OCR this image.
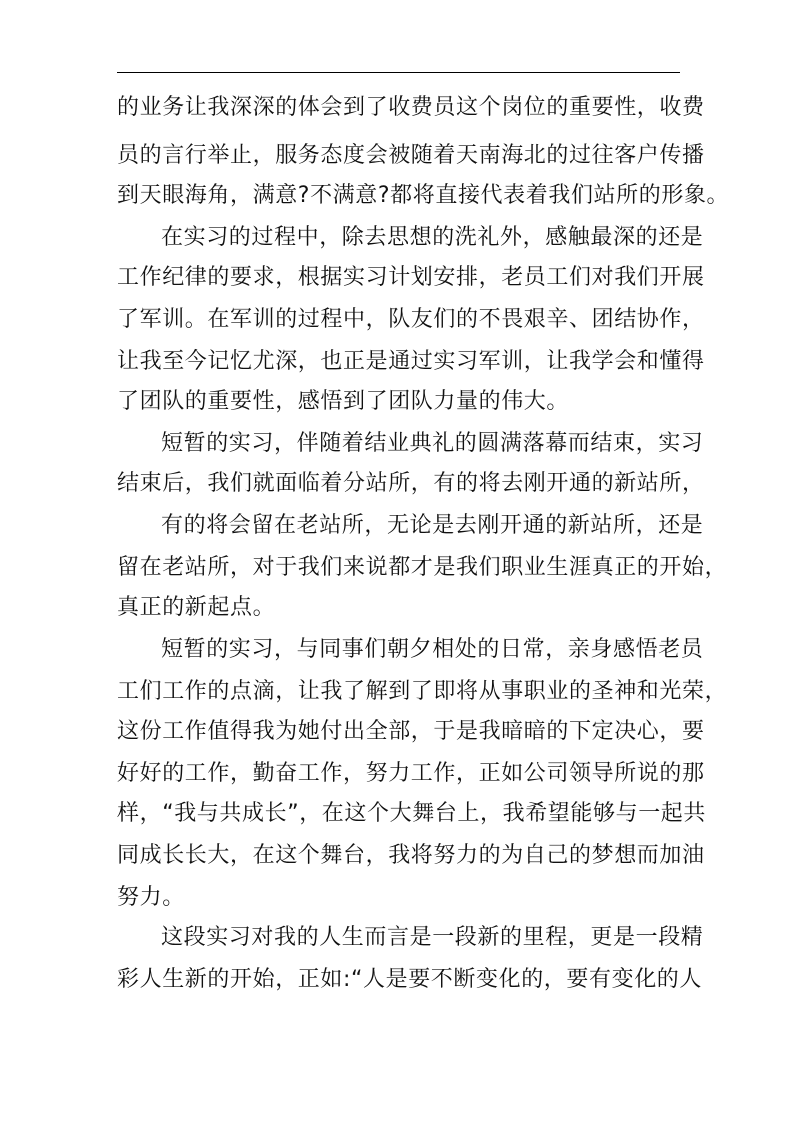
的业务让我深深的体会到了收费员这个岗位的重要性，收费
员的言行举止，服务态度会被随着天南海北的过往客户传播
到天眼海角，满意?不满意?都将直接代表着我们站所的形象。
在实习的过程中，除去思想的洗礼外，感触最深的还是
工作纪律的要求，根据实习计划安排，老员工们对我们开展
了军训。在军训的过程中，队友们的不畏艰辛、团结协作，
让我至今记忆尤深，也正是通过实习军训，让我学会和懂得
了团队的重要性，感悟到了团队力量的伟大。
短暂的实习，伴随着结业典礼的圆满落幕而结束，实习
结束后，我们就面临着分站所，有的将去刚开通的新站所，
有的将会留在老站所，无论是去刚开通的新站所，还是
留在老站所，对于我们来说都才是我们职业生涯真正的开始，
真正的新起点。
短暂的实习，与同事们朝夕相处的日常，亲身感悟老员
工们工作的点滴，让我了解到了即将从事职业的圣神和光荣，
这份工作值得我为她付出全部，于是我暗暗的下定决心，要
好好的工作，勤奋工作，努力工作，正如公司领导所说的那
样，“我与共成长”，在这个大舞台上，我希望能够与一起共
同成长长大，在这个舞台，我将努力的为自己的梦想而加油
努力。
这段实习对我的人生而言是一段新的里程，更是一段精
彩人生新的开始，正如:“人是要不断变化的，要有变化的人
